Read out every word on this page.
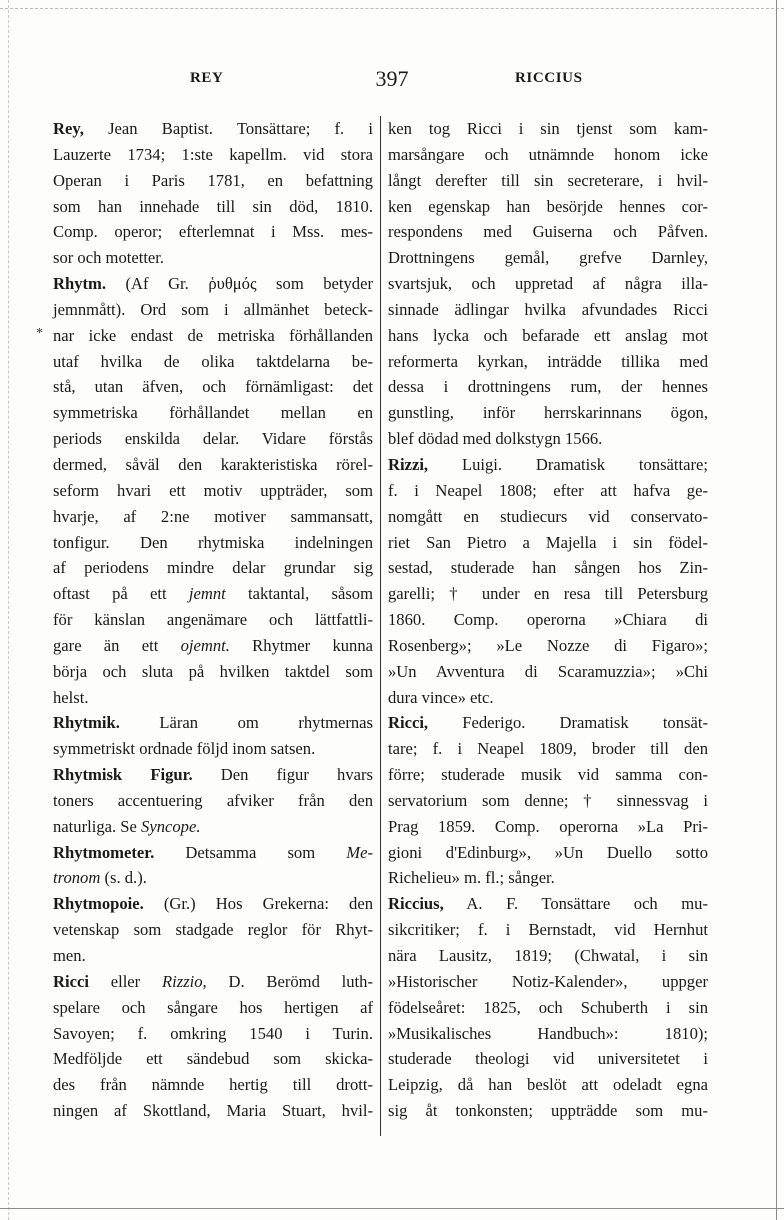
REY	397	RICCIUS
*
Rey, Jean Baptist. Tonsättare; f. i
Lauzerte 1734; 1:ste kapellm. vid stora
Operan i Paris 1781, en befattning
som han innehade till sin död, 1810.
Comp. operor; efterlemnat i Mss. mes-
sor och motetter.
Rhytm. (Af Gr. ῥυθμός som betyder
jemnmått). Ord som i allmänhet beteck-
nar icke endast de metriska förhållanden
utaf hvilka de olika taktdelarna be-
stå, utan äfven, och förnämligast: det
symmetriska förhållandet mellan en
periods enskilda delar. Vidare förstås
dermed, såväl den karakteristiska rörel-
seform hvari ett motiv uppträder, som
hvarje, af 2:ne motiver sammansatt,
tonfigur. Den rhytmiska indelningen
af periodens mindre delar grundar sig
oftast på ett jemnt taktantal, såsom
för känslan angenämare och lättfattli-
gare än ett ojemnt. Rhytmer kunna
börja och sluta på hvilken taktdel som
helst.
Rhytmik. Läran om rhytmernas
symmetriskt ordnade följd inom satsen.
Rhytmisk Figur. Den figur hvars
toners accentuering afviker från den
naturliga. Se Syncope.
Rhytmometer. Detsamma som Me-
tronom (s. d.).
Rhytmopoie. (Gr.) Hos Grekerna: den
vetenskap som stadgade reglor för Rhyt-
men.
Ricci eller Rizzio, D. Berömd luth-
spelare och sångare hos hertigen af
Savoyen; f. omkring 1540 i Turin.
Medföljde ett sändebud som skicka-
des från nämnde hertig till drott-
ningen af Skottland, Maria Stuart, hvil-
ken tog Ricci i sin tjenst som kam-
marsångare och utnämnde honom icke
långt derefter till sin secreterare, i hvil-
ken egenskap han besörjde hennes cor-
respondens med Guiserna och Påfven.
Drottningens gemål, grefve Darnley,
svartsjuk, och uppretad af några illa-
sinnade ädlingar hvilka afvundades Ricci
hans lycka och befarade ett anslag mot
reformerta kyrkan, inträdde tillika med
dessa i drottningens rum, der hennes
gunstling, inför herrskarinnans ögon,
blef dödad med dolkstygn 1566.
Rizzi, Luigi. Dramatisk tonsättare;
f. i Neapel 1808; efter att hafva ge-
nomgått en studiecurs vid conservato-
riet San Pietro a Majella i sin födel-
sestad, studerade han sången hos Zin-
garelli; † under en resa till Petersburg
1860. Comp. operorna »Chiara di
Rosenberg»; »Le Nozze di Figaro»;
»Un Avventura di Scaramuzzia»; »Chi
dura vince» etc.
Ricci, Federigo. Dramatisk tonsät-
tare; f. i Neapel 1809, broder till den
förre; studerade musik vid samma con-
servatorium som denne; † sinnessvag i
Prag 1859. Comp. operorna »La Pri-
gioni d'Edinburg», »Un Duello sotto
Richelieu» m. fl.; sånger.
Riccius, A. F. Tonsättare och mu-
sikcritiker; f. i Bernstadt, vid Hernhut
nära Lausitz, 1819; (Chwatal, i sin
»Historischer Notiz-Kalender», uppger
födelseåret: 1825, och Schuberth i sin
»Musikalisches Handbuch»: 1810);
studerade theologi vid universitetet i
Leipzig, då han beslöt att odeladt egna
sig åt tonkonsten; uppträdde som mu-
